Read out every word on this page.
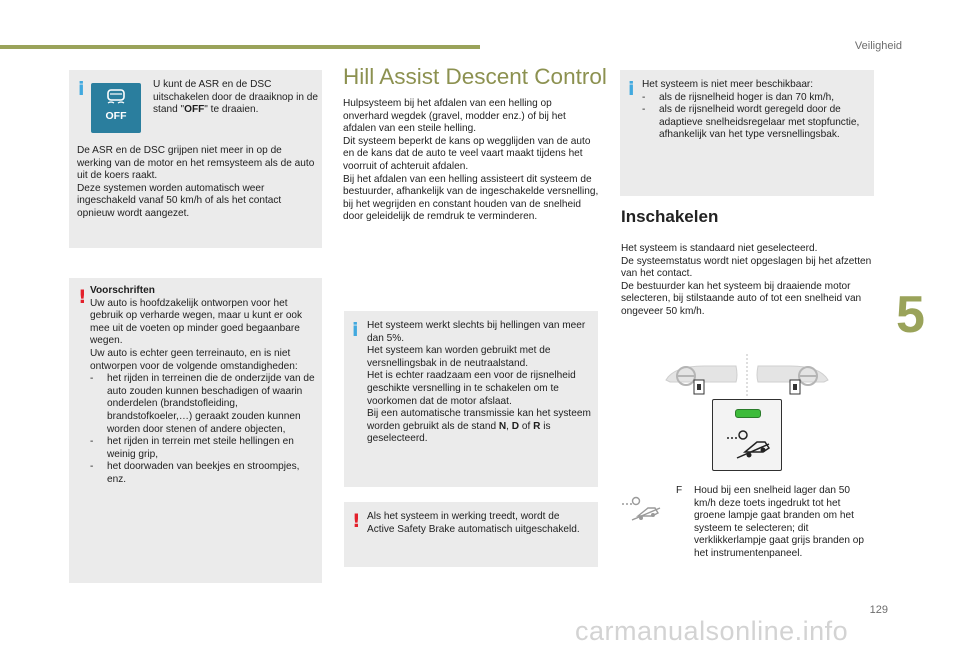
Veiligheid
5
129
carmanualsonline.info
i
OFF
U kunt de ASR en de DSC uitschakelen door de draaiknop in de stand "OFF" te draaien.

De ASR en de DSC grijpen niet meer in op de werking van de motor en het remsysteem als de auto uit de koers raakt.

Deze systemen worden automatisch weer ingeschakeld vanaf 50 km/h of als het contact opnieuw wordt aangezet.

! Voorschriften

Uw auto is hoofdzakelijk ontworpen voor het gebruik op verharde wegen, maar u kunt er ook mee uit de voeten op minder goed begaanbare wegen.

Uw auto is echter geen terreinauto, en is niet ontworpen voor de volgende omstandigheden:

- het rijden in terreinen die de onderzijde van de auto zouden kunnen beschadigen of waarin onderdelen (brandstofleiding, brandstofkoeler,…) geraakt zouden kunnen worden door stenen of andere objecten,
- het rijden in terrein met steile hellingen en weinig grip,
- het doorwaden van beekjes en stroompjes, enz.
Hill Assist Descent Control

Hulpsysteem bij het afdalen van een helling op onverhard wegdek (gravel, modder enz.) of bij het afdalen van een steile helling.

Dit systeem beperkt de kans op wegglijden van de auto en de kans dat de auto te veel vaart maakt tijdens het voorruit of achteruit afdalen.

Bij het afdalen van een helling assisteert dit systeem de bestuurder, afhankelijk van de ingeschakelde versnelling, bij het wegrijden en constant houden van de snelheid door geleidelijk de remdruk te verminderen.

i Het systeem werkt slechts bij hellingen van meer dan 5%.

Het systeem kan worden gebruikt met de versnellingsbak in de neutraalstand.

Het is echter raadzaam een voor de rijsnelheid geschikte versnelling in te schakelen om te voorkomen dat de motor afslaat.

Bij een automatische transmissie kan het systeem worden gebruikt als de stand N, D of R is geselecteerd.

! Als het systeem in werking treedt, wordt de Active Safety Brake automatisch uitgeschakeld.
i Het systeem is niet meer beschikbaar:

- als de rijsnelheid hoger is dan 70 km/h,
- als de rijsnelheid wordt geregeld door de adaptieve snelheidsregelaar met stopfunctie, afhankelijk van het type versnellingsbak.
Inschakelen

Het systeem is standaard niet geselecteerd.

De systeemstatus wordt niet opgeslagen bij het afzetten van het contact.

De bestuurder kan het systeem bij draaiende motor selecteren, bij stilstaande auto of tot een snelheid van ongeveer 50 km/h.

F Houd bij een snelheid lager dan 50 km/h deze toets ingedrukt tot het groene lampje gaat branden om het systeem te selecteren; dit verklikkerlampje gaat grijs branden op het instrumentenpaneel.
